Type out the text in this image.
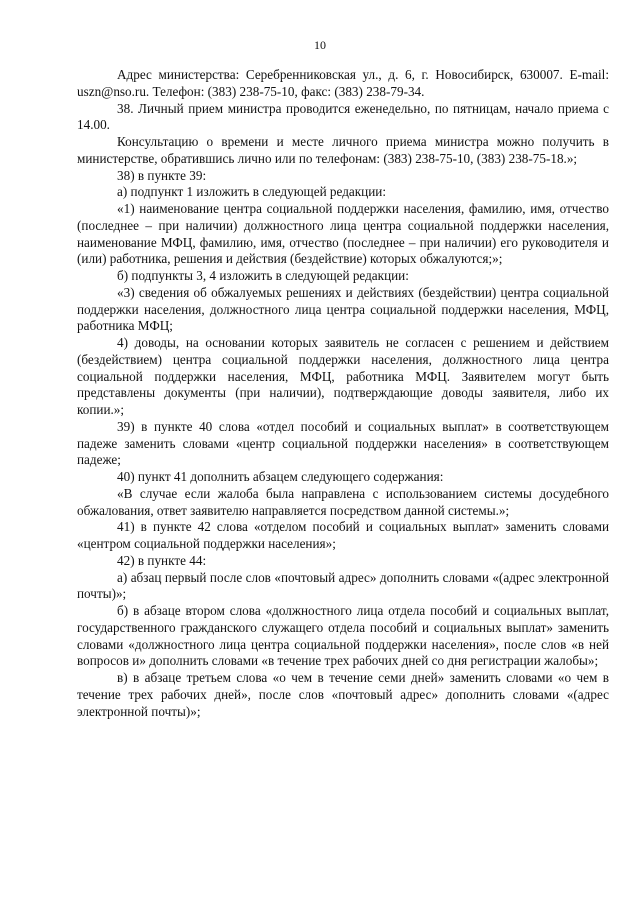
10

Адрес министерства: Серебренниковская ул., д. 6, г. Новосибирск, 630007. E-mail: uszn@nso.ru. Телефон: (383) 238-75-10, факс: (383) 238-79-34.

38. Личный прием министра проводится еженедельно, по пятницам, начало приема с 14.00.

Консультацию о времени и месте личного приема министра можно получить в министерстве, обратившись лично или по телефонам: (383) 238-75-10, (383) 238-75-18.»;

38) в пункте 39:

а) подпункт 1 изложить в следующей редакции:

«1) наименование центра социальной поддержки населения, фамилию, имя, отчество (последнее – при наличии) должностного лица центра социальной поддержки населения, наименование МФЦ, фамилию, имя, отчество (последнее – при наличии) его руководителя и (или) работника, решения и действия (бездействие) которых обжалуются;»;

б) подпункты 3, 4 изложить в следующей редакции:

«3) сведения об обжалуемых решениях и действиях (бездействии) центра социальной поддержки населения, должностного лица центра социальной поддержки населения, МФЦ, работника МФЦ;

4) доводы, на основании которых заявитель не согласен с решением и действием (бездействием) центра социальной поддержки населения, должностного лица центра социальной поддержки населения, МФЦ, работника МФЦ. Заявителем могут быть представлены документы (при наличии), подтверждающие доводы заявителя, либо их копии.»;

39) в пункте 40 слова «отдел пособий и социальных выплат» в соответствующем падеже заменить словами «центр социальной поддержки населения» в соответствующем падеже;

40) пункт 41 дополнить абзацем следующего содержания:

«В случае если жалоба была направлена с использованием системы досудебного обжалования, ответ заявителю направляется посредством данной системы.»;

41) в пункте 42 слова «отделом пособий и социальных выплат» заменить словами «центром социальной поддержки населения»;

42) в пункте 44:

а) абзац первый после слов «почтовый адрес» дополнить словами «(адрес электронной почты)»;

б) в абзаце втором слова «должностного лица отдела пособий и социальных выплат, государственного гражданского служащего отдела пособий и социальных выплат» заменить словами «должностного лица центра социальной поддержки населения», после слов «в ней вопросов и» дополнить словами «в течение трех рабочих дней со дня регистрации жалобы»;

в) в абзаце третьем слова «о чем в течение семи дней» заменить словами «о чем в течение трех рабочих дней», после слов «почтовый адрес» дополнить словами «(адрес электронной почты)»;
